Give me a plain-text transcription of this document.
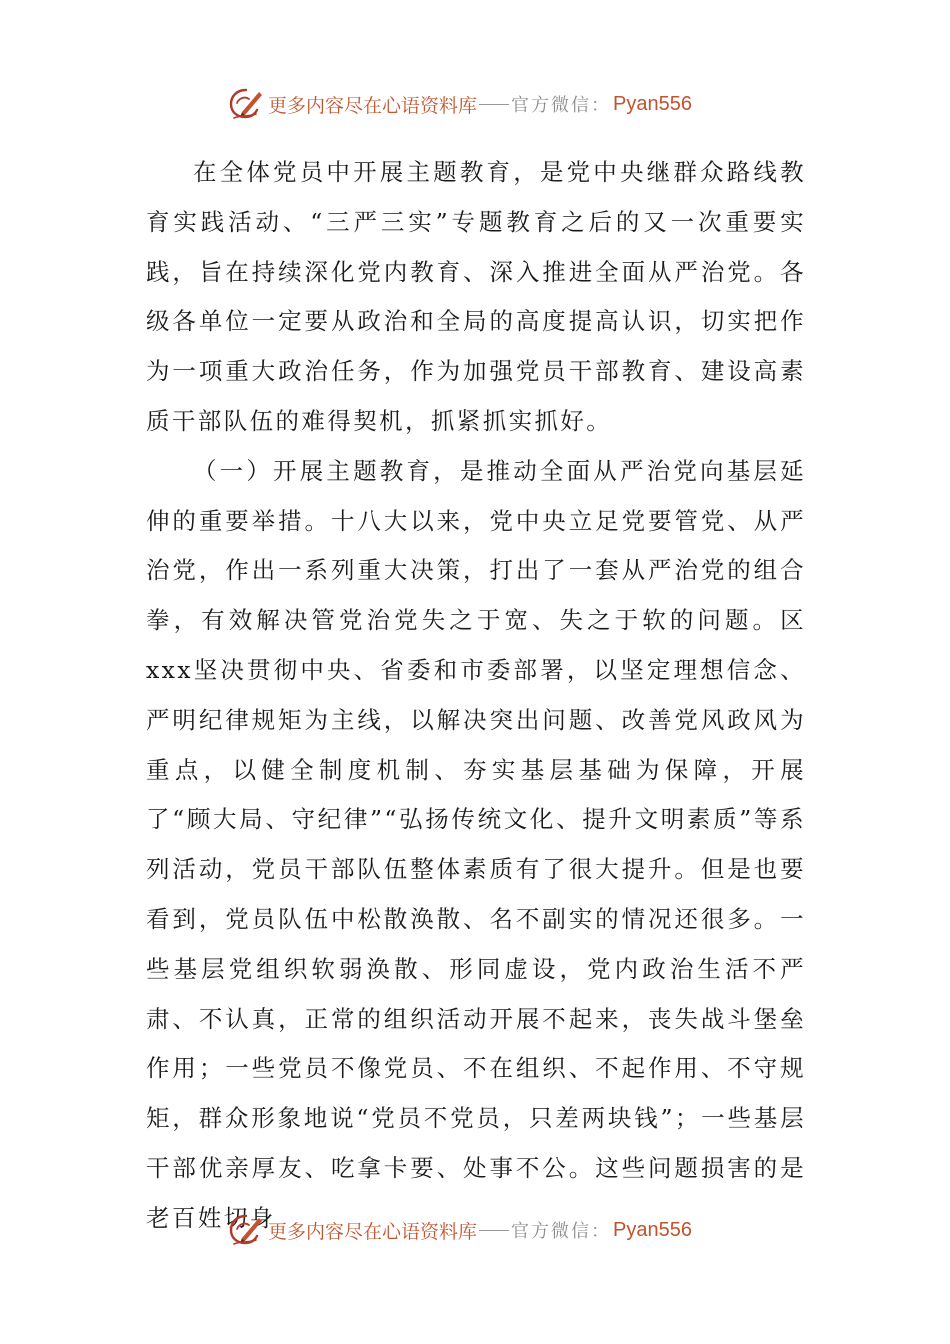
更多内容尽在心语资料库 官方微信： Pyan556

在全体党员中开展主题教育，是党中央继群众路线教育实践活动、“三严三实”专题教育之后的又一次重要实践，旨在持续深化党内教育、深入推进全面从严治党。各级各单位一定要从政治和全局的高度提高认识，切实把作为一项重大政治任务，作为加强党员干部教育、建设高素质干部队伍的难得契机，抓紧抓实抓好。

（一）开展主题教育，是推动全面从严治党向基层延伸的重要举措。十八大以来，党中央立足党要管党、从严治党，作出一系列重大决策，打出了一套从严治党的组合拳，有效解决管党治党失之于宽、失之于软的问题。区xxx坚决贯彻中央、省委和市委部署，以坚定理想信念、严明纪律规矩为主线，以解决突出问题、改善党风政风为重点，以健全制度机制、夯实基层基础为保障，开展了“顾大局、守纪律”“弘扬传统文化、提升文明素质”等系列活动，党员干部队伍整体素质有了很大提升。但是也要看到，党员队伍中松散涣散、名不副实的情况还很多。一些基层党组织软弱涣散、形同虚设，党内政治生活不严肃、不认真，正常的组织活动开展不起来，丧失战斗堡垒作用；一些党员不像党员、不在组织、不起作用、不守规矩，群众形象地说“党员不党员，只差两块钱”；一些基层干部优亲厚友、吃拿卡要、处事不公。这些问题损害的是老百姓切身

更多内容尽在心语资料库 官方微信： Pyan556
